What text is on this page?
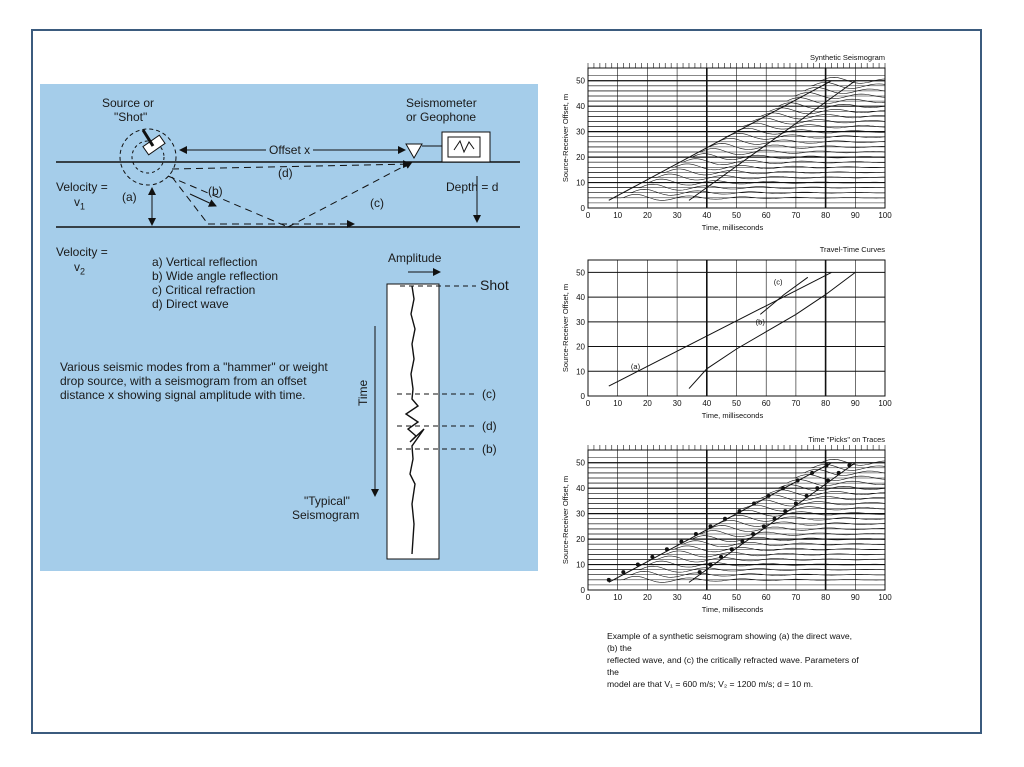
Source or
"Shot"
Seismometer
or Geophone
Offset x
(d)
Velocity =
$v_1$
(a)	(b)
(c)
Depth = d
Velocity =
$v_2$
a) Vertical reflection
b) Wide angle reflection
c) Critical refraction
d) Direct wave
Amplitude
Shot
Time	(c)
(d)
(b)
"Typical"
Seismogram
Various seismic modes from a "hammer" or weight drop source, with a seismogram from an offset distance x showing signal amplitude with time.
0	10	20	30	40	50	60	70	80	90 100
0
10
20
30
40
50
Synthetic Seismogram
Time, milliseconds
Source-Receiver Offset, m
0	10	20	30	40	50	60	70	80	90 100
0
10
20
30
40
50
Travel-Time Curves
Time, milliseconds
Source-Receiver Offset, m	(a)
(b)
(c)
0	10	20	30	40	50	60	70	80	90 100
0
10
20
30
40
50
Time "Picks" on Traces
Time, milliseconds
Source-Receiver Offset, m
Example of a synthetic seismogram showing (a) the direct wave, (b) the
reflected wave, and (c) the critically refracted wave. Parameters of the
model are that V₁ = 600 m/s; V₂ = 1200 m/s; d = 10 m.
